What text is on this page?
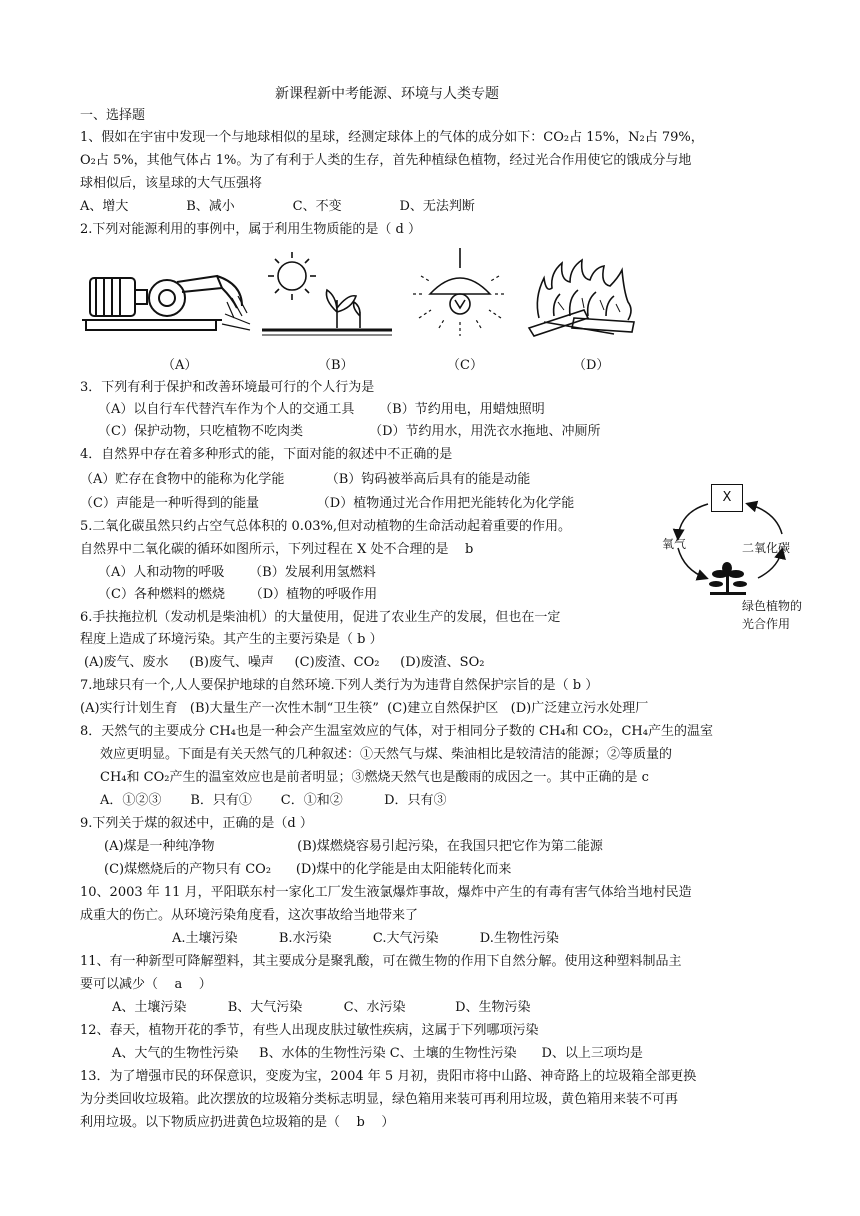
新课程新中考能源、环境与人类专题
一、选择题
1、假如在宇宙中发现一个与地球相似的星球，经测定球体上的气体的成分如下：CO₂占 15%，N₂占 79%，
O₂占 5%，其他气体占 1%。为了有利于人类的生存，首先种植绿色植物，经过光合作用使它的饿成分与地
球相似后，该星球的大气压强将
A、增大              B、减小              C、不变              D、无法判断
2.下列对能源利用的事例中，属于利用生物质能的是（ d ）
（A）	（B）	（C）	（D）
3．下列有利于保护和改善环境最可行的个人行为是
（A）以自行车代替汽车作为个人的交通工具      （B）节约用电，用蜡烛照明
（C）保护动物，只吃植物不吃肉类                （D）节约用水，用洗衣水拖地、冲厕所
4．自然界中存在着多种形式的能，下面对能的叙述中不正确的是
（A）贮存在食物中的能称为化学能          （B）钩码被举高后具有的能是动能
（C）声能是一种听得到的能量              （D）植物通过光合作用把光能转化为化学能
5.二氧化碳虽然只约占空气总体积的 0.03%,但对动植物的生命活动起着重要的作用。
自然界中二氧化碳的循环如图所示，下列过程在 X 处不合理的是    b
（A）人和动物的呼吸      （B）发展利用氢燃料
（C）各种燃料的燃烧      （D）植物的呼吸作用
X
氧气	二氧化碳
绿色植物的
光合作用
6.手扶拖拉机（发动机是柴油机）的大量使用，促进了农业生产的发展，但也在一定
程度上造成了环境污染。其产生的主要污染是（ b ）
(A)废气、废水     (B)废气、噪声     (C)废渣、CO₂     (D)废渣、SO₂
7.地球只有一个,人人要保护地球的自然环境.下列人类行为为违背自然保护宗旨的是（ b ）
(A)实行计划生育   (B)大量生产一次性木制“卫生筷”  (C)建立自然保护区   (D)广泛建立污水处理厂
8．天然气的主要成分 CH₄也是一种会产生温室效应的气体，对于相同分子数的 CH₄和 CO₂，CH₄产生的温室
效应更明显。下面是有关天然气的几种叙述：①天然气与煤、柴油相比是较清洁的能源；②等质量的
CH₄和 CO₂产生的温室效应也是前者明显；③燃烧天然气也是酸雨的成因之一。其中正确的是 c
A．①②③       B．只有①       C．①和②          D．只有③
9.下列关于煤的叙述中，正确的是（d ）
(A)煤是一种纯净物                    (B)煤燃烧容易引起污染，在我国只把它作为第二能源
(C)煤燃烧后的产物只有 CO₂      (D)煤中的化学能是由太阳能转化而来
10、2003 年 11 月，平阳联东村一家化工厂发生液氯爆炸事故，爆炸中产生的有毒有害气体给当地村民造
成重大的伤亡。从环境污染角度看，这次事故给当地带来了
A.土壤污染          B.水污染          C.大气污染          D.生物性污染
11、有一种新型可降解塑料，其主要成分是聚乳酸，可在微生物的作用下自然分解。使用这种塑料制品主
要可以减少（    a    ）
A、土壤污染          B、大气污染          C、水污染            D、生物污染
12、春天，植物开花的季节，有些人出现皮肤过敏性疾病，这属于下列哪项污染
A、大气的生物性污染     B、水体的生物性污染 C、土壤的生物性污染      D、以上三项均是
13．为了增强市民的环保意识，变废为宝，2004 年 5 月初，贵阳市将中山路、神奇路上的垃圾箱全部更换
为分类回收垃圾箱。此次摆放的垃圾箱分类标志明显，绿色箱用来装可再利用垃圾，黄色箱用来装不可再
利用垃圾。以下物质应扔进黄色垃圾箱的是（    b    ）
